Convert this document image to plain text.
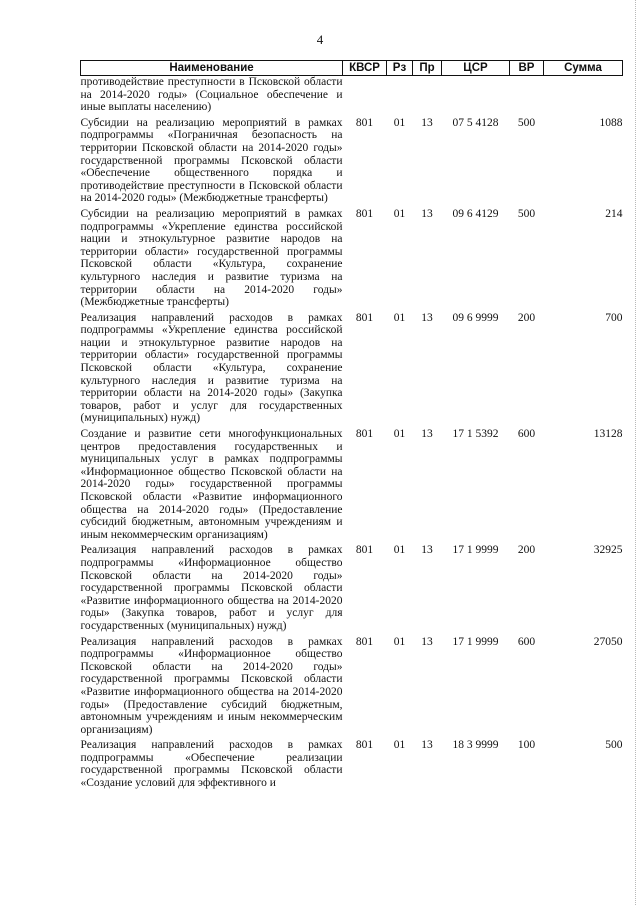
4
Наименование	КВСР	Рз	Пр	ЦСР	ВР	Сумма
противодействие преступности в Псковской области на 2014-2020 годы» (Социальное обеспечение и иные выплаты населению)						
Субсидии на реализацию мероприятий в рамках подпрограммы «Пограничная безопасность на территории Псковской области на 2014-2020 годы» государственной программы Псковской области «Обеспечение общественного порядка и противодействие преступности в Псковской области на 2014-2020 годы» (Межбюджетные трансферты)	801	01	13	07 5 4128	500	1088
Субсидии на реализацию мероприятий в рамках подпрограммы «Укрепление единства российской нации и этнокультурное развитие народов на территории области» государственной программы Псковской области «Культура, сохранение культурного наследия и развитие туризма на территории области на 2014-2020 годы» (Межбюджетные трансферты)	801	01	13	09 6 4129	500	214
Реализация направлений расходов в рамках подпрограммы «Укрепление единства российской нации и этнокультурное развитие народов на территории области» государственной программы Псковской области «Культура, сохранение культурного наследия и развитие туризма на территории области на 2014-2020 годы» (Закупка товаров, работ и услуг для государственных (муниципальных) нужд)	801	01	13	09 6 9999	200	700
Создание и развитие сети многофункциональных центров предоставления государственных и муниципальных услуг в рамках подпрограммы «Информационное общество Псковской области на 2014-2020 годы» государственной программы Псковской области «Развитие информационного общества на 2014-2020 годы» (Предоставление субсидий бюджетным, автономным учреждениям и иным некоммерческим организациям)	801	01	13	17 1 5392	600	13128
Реализация направлений расходов в рамках подпрограммы «Информационное общество Псковской области на 2014-2020 годы» государственной программы Псковской области «Развитие информационного общества на 2014-2020 годы» (Закупка товаров, работ и услуг для государственных (муниципальных) нужд)	801	01	13	17 1 9999	200	32925
Реализация направлений расходов в рамках подпрограммы «Информационное общество Псковской области на 2014-2020 годы» государственной программы Псковской области «Развитие информационного общества на 2014-2020 годы» (Предоставление субсидий бюджетным, автономным учреждениям и иным некоммерческим организациям)	801	01	13	17 1 9999	600	27050
Реализация направлений расходов в рамках подпрограммы «Обеспечение реализации государственной программы Псковской области «Создание условий для эффективного и	801	01	13	18 3 9999	100	500
